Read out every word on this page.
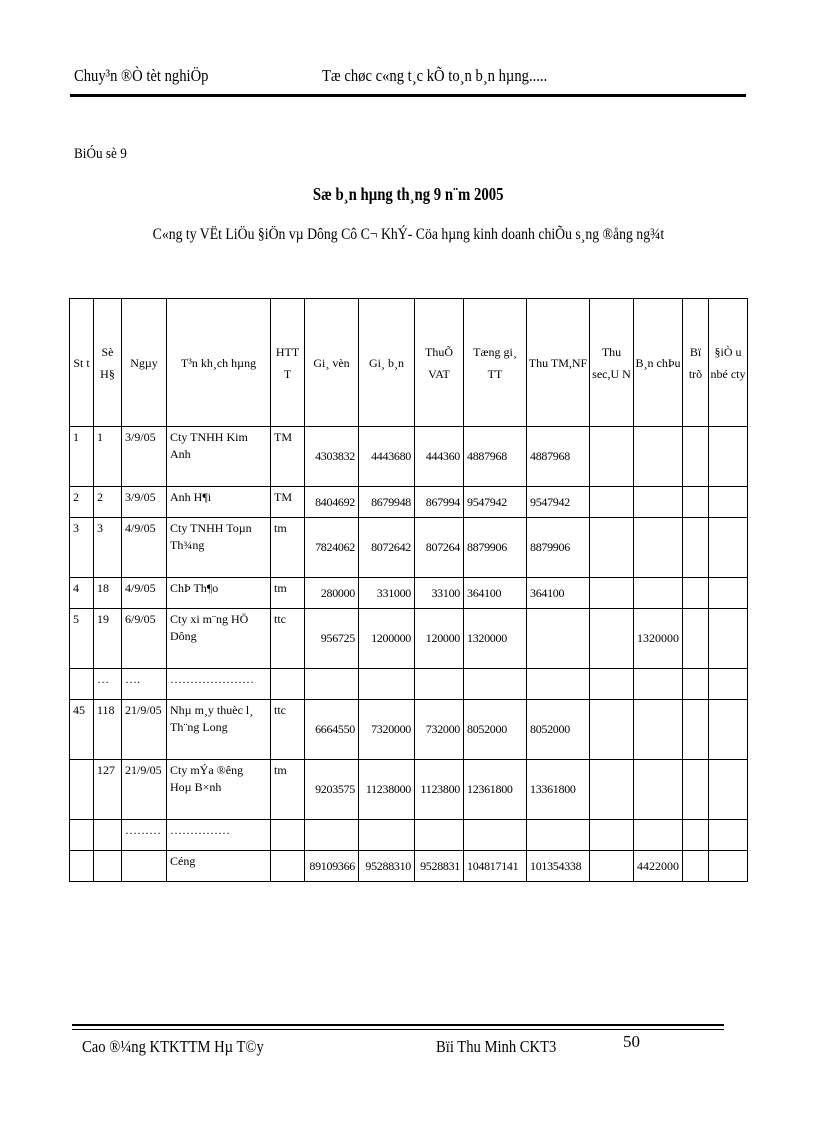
Chuy³n ®Ò tèt nghiÖp	Tæ chøc c«ng t¸c kÕ to¸n b¸n hµng.....
BiÓu sè 9
Sæ b¸n hµng th¸ng 9 n¨m 2005
C«ng ty VËt LiÖu §iÖn vµ Dông Cô C¬ KhÝ- Cöa hµng kinh doanh chiÕu s¸ng ®ång ng¾t
St t	Sè H§	Ngµy	T³n kh¸ch hµng	HTT T	Gi¸ vèn	Gi¸ b¸n	ThuÕ VAT	Tæng gi¸ TT	Thu TM,NF	Thu sec,U N	B¸n chÞu	Bï trõ	§iÒ u nbé cty
1	1	3/9/05	Cty TNHH Kim Anh	TM	4303832	4443680	444360	4887968	4887968				
2	2	3/9/05	Anh H¶i	TM	8404692	8679948	867994	9547942	9547942				
3	3	4/9/05	Cty TNHH Toµn Th¾ng	tm	7824062	8072642	807264	8879906	8879906				
4	18	4/9/05	ChÞ Th¶o	tm	280000	331000	33100	364100	364100				
5	19	6/9/05	Cty xi m¨ng HÖ Dông	ttc	956725	1200000	120000	1320000			1320000		
	…	….	…………………										
45	118	21/9/05	Nhµ m¸y thuèc l¸ Th¨ng Long	ttc	6664550	7320000	732000	8052000	8052000				
	127	21/9/05	Cty mÝa ®êng Hoµ B×nh	tm	9203575	11238000	1123800	12361800	13361800				
		………	……………										
			Céng		89109366	95288310	9528831	104817141	101354338		4422000		
Cao ®¼ng KTKTTM Hµ T©y	Bïi Thu Minh CKT3	50
